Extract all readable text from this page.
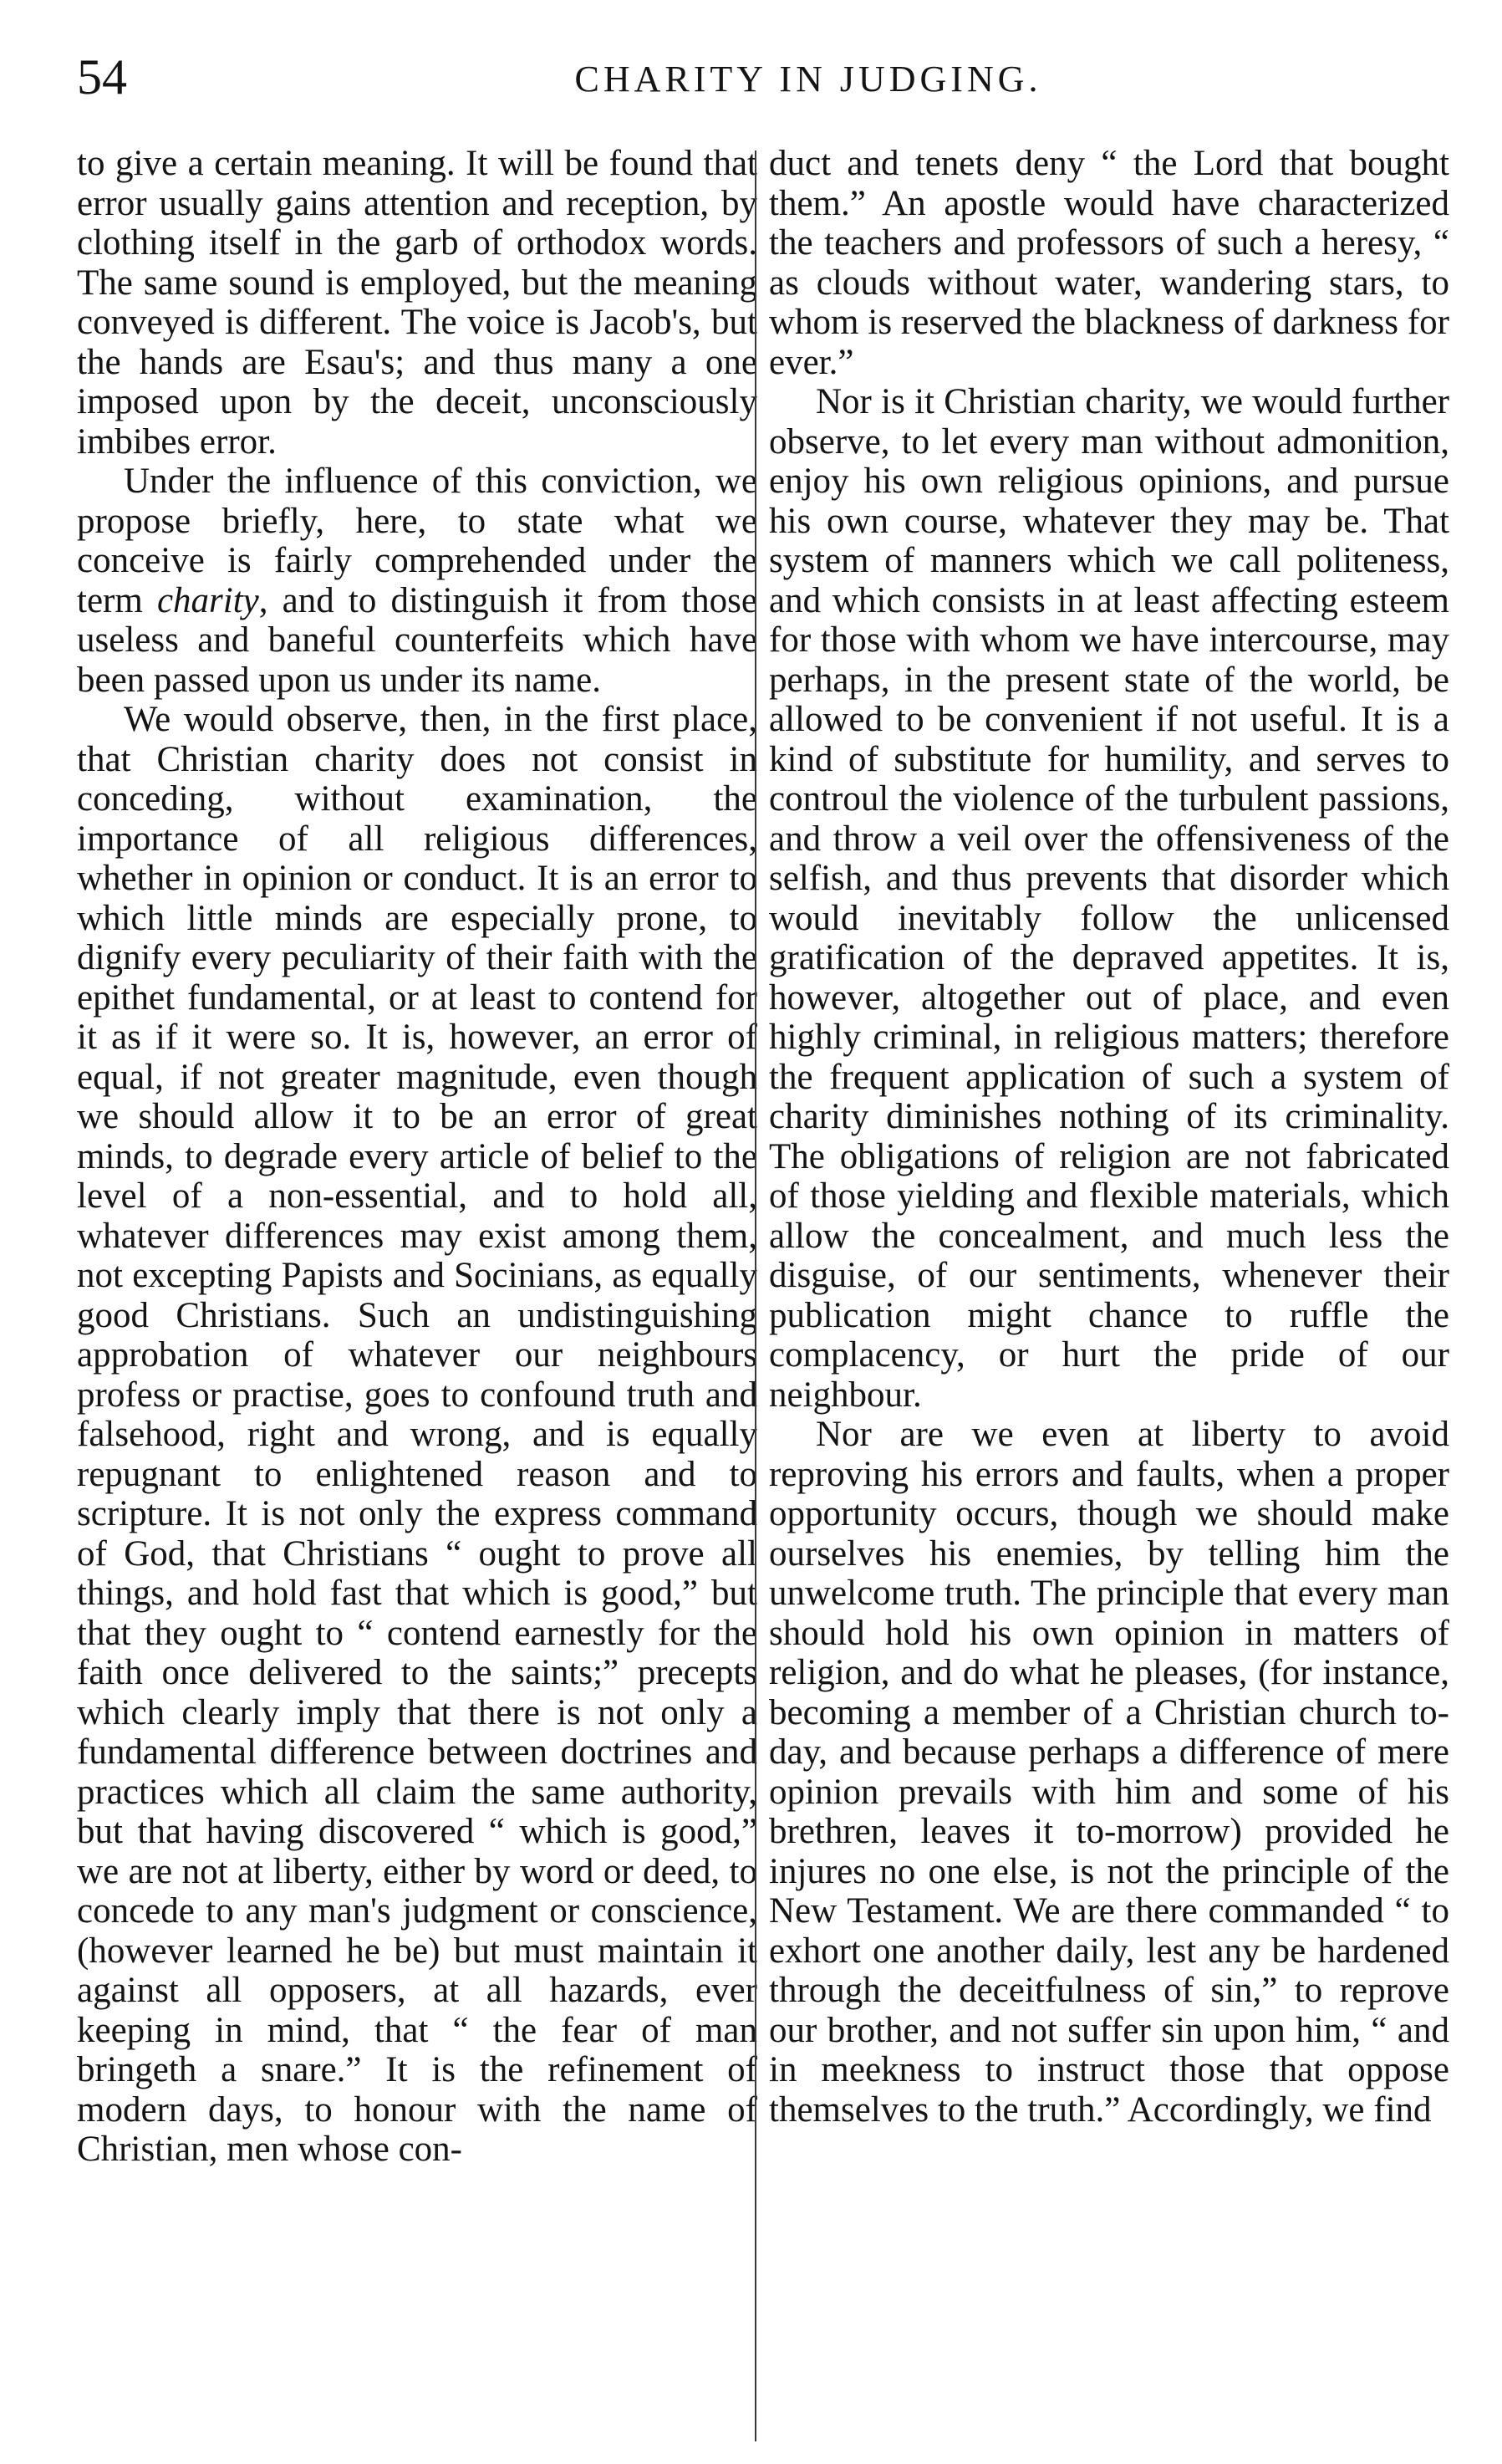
54	CHARITY IN JUDGING.

to give a certain meaning. It will be found that error usually gains attention and reception, by clothing itself in the garb of orthodox words. The same sound is employed, but the meaning conveyed is different. The voice is Jacob's, but the hands are Esau's; and thus many a one imposed upon by the deceit, unconsciously imbibes error.

Under the influence of this conviction, we propose briefly, here, to state what we conceive is fairly comprehended under the term charity, and to distinguish it from those useless and baneful counterfeits which have been passed upon us under its name.

We would observe, then, in the first place, that Christian charity does not consist in conceding, without examination, the importance of all religious differences, whether in opinion or conduct. It is an error to which little minds are especially prone, to dignify every peculiarity of their faith with the epithet fundamental, or at least to contend for it as if it were so. It is, however, an error of equal, if not greater magnitude, even though we should allow it to be an error of great minds, to degrade every article of belief to the level of a non-essential, and to hold all, whatever differences may exist among them, not excepting Papists and Socinians, as equally good Christians. Such an undistinguishing approbation of whatever our neighbours profess or practise, goes to confound truth and falsehood, right and wrong, and is equally repugnant to enlightened reason and to scripture. It is not only the express command of God, that Christians “ ought to prove all things, and hold fast that which is good,” but that they ought to “ contend earnestly for the faith once delivered to the saints;” precepts which clearly imply that there is not only a fundamental difference between doctrines and practices which all claim the same authority, but that having discovered “ which is good,” we are not at liberty, either by word or deed, to concede to any man's judgment or conscience, (however learned he be) but must maintain it against all opposers, at all hazards, ever keeping in mind, that “ the fear of man bringeth a snare.” It is the refinement of modern days, to honour with the name of Christian, men whose con-

duct and tenets deny “ the Lord that bought them.” An apostle would have characterized the teachers and professors of such a heresy, “ as clouds without water, wandering stars, to whom is reserved the blackness of darkness for ever.”

Nor is it Christian charity, we would further observe, to let every man without admonition, enjoy his own religious opinions, and pursue his own course, whatever they may be. That system of manners which we call politeness, and which consists in at least affecting esteem for those with whom we have intercourse, may perhaps, in the present state of the world, be allowed to be convenient if not useful. It is a kind of substitute for humility, and serves to controul the violence of the turbulent passions, and throw a veil over the offensiveness of the selfish, and thus prevents that disorder which would inevitably follow the unlicensed gratification of the depraved appetites. It is, however, altogether out of place, and even highly criminal, in religious matters; therefore the frequent application of such a system of charity diminishes nothing of its criminality. The obligations of religion are not fabricated of those yielding and flexible materials, which allow the concealment, and much less the disguise, of our sentiments, whenever their publication might chance to ruffle the complacency, or hurt the pride of our neighbour.

Nor are we even at liberty to avoid reproving his errors and faults, when a proper opportunity occurs, though we should make ourselves his enemies, by telling him the unwelcome truth. The principle that every man should hold his own opinion in matters of religion, and do what he pleases, (for instance, becoming a member of a Christian church to-day, and because perhaps a difference of mere opinion prevails with him and some of his brethren, leaves it to-morrow) provided he injures no one else, is not the principle of the New Testament. We are there commanded “ to exhort one another daily, lest any be hardened through the deceitfulness of sin,” to reprove our brother, and not suffer sin upon him, “ and in meekness to instruct those that oppose themselves to the truth.” Accordingly, we find
